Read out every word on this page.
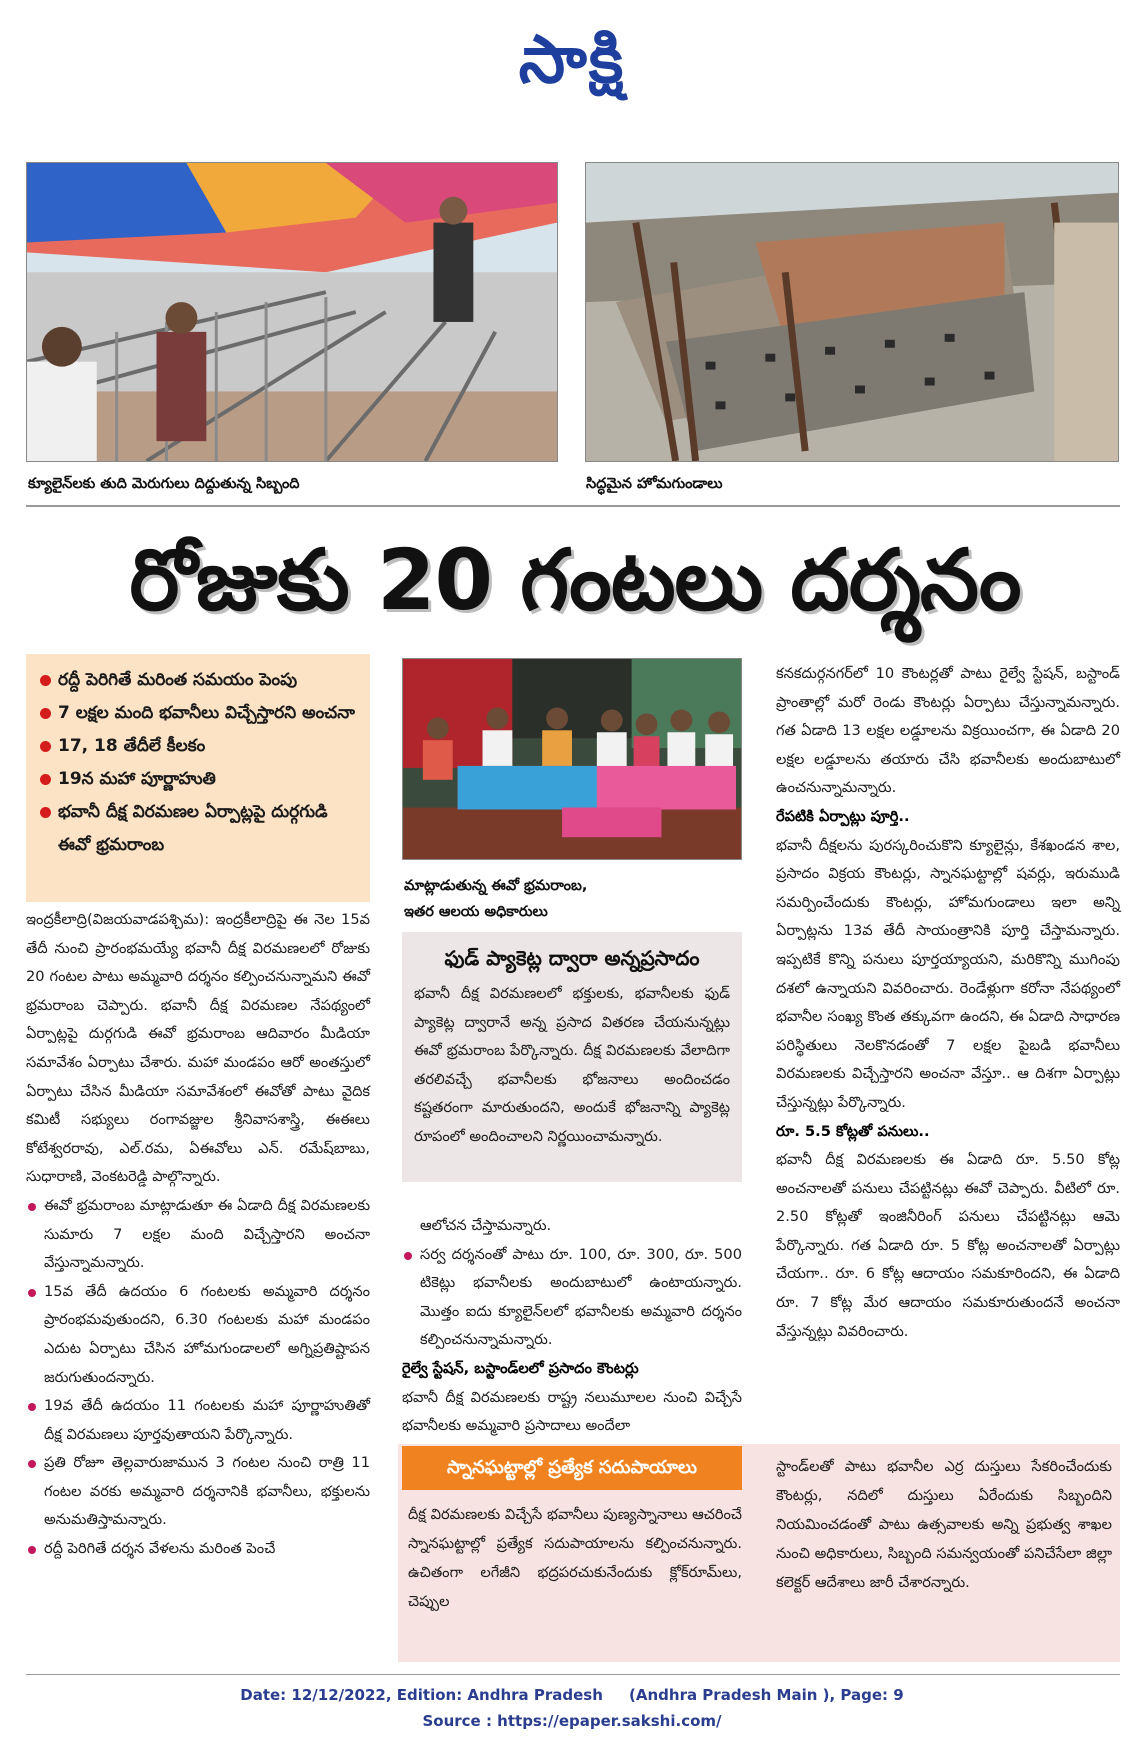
సాక్షి
క్యూలైన్‌లకు తుది మెరుగులు దిద్దుతున్న సిబ్బంది	సిద్ధమైన హోమగుండాలు
రోజుకు 20 గంటలు దర్శనం
రద్దీ పెరిగితే మరింత సమయం పెంపు
7 లక్షల మంది భవానీలు విచ్చేస్తారని అంచనా
17, 18 తేదీలే కీలకం
19న మహా పూర్ణాహుతి
భవానీ దీక్ష విరమణల ఏర్పాట్లపై దుర్గగుడి ఈవో భ్రమరాంబ

ఇంద్రకీలాద్రి(విజయవాడపశ్చిమ): ఇంద్రకీలాద్రిపై ఈ నెల 15వ తేదీ నుంచి ప్రారంభమయ్యే భవానీ దీక్ష విరమణలలో రోజుకు 20 గంటల పాటు అమ్మవారి దర్శనం కల్పించనున్నామని ఈవో భ్రమరాంబ చెప్పారు. భవానీ దీక్ష విరమణల నేపథ్యంలో ఏర్పాట్లపై దుర్గగుడి ఈవో భ్రమరాంబ ఆదివారం మీడియా సమావేశం ఏర్పాటు చేశారు. మహా మండపం ఆరో అంతస్తులో ఏర్పాటు చేసిన మీడియా సమావేశంలో ఈవోతో పాటు వైదిక కమిటీ సభ్యులు రంగావజ్జుల శ్రీనివాసశాస్త్రి, ఈఈలు కోటేశ్వరరావు, ఎల్‌.రమ, ఏఈవోలు ఎన్‌. రమేష్‌బాబు, సుధారాణి, వెంకటరెడ్డి పాల్గొన్నారు.

ఈవో భ్రమరాంబ మాట్లాడుతూ ఈ ఏడాది దీక్ష విరమణలకు సుమారు 7 లక్షల మంది విచ్చేస్తారని అంచనా వేస్తున్నామన్నారు.
15వ తేదీ ఉదయం 6 గంటలకు అమ్మవారి దర్శనం ప్రారంభమవుతుందని, 6.30 గంటలకు మహా మండపం ఎదుట ఏర్పాటు చేసిన హోమగుండాలలో అగ్నిప్రతిష్టాపన జరుగుతుందన్నారు.
19వ తేదీ ఉదయం 11 గంటలకు మహా పూర్ణాహుతితో దీక్ష విరమణలు పూర్తవుతాయని పేర్కొన్నారు.
ప్రతి రోజూ తెల్లవారుజామున 3 గంటల నుంచి రాత్రి 11 గంటల వరకు అమ్మవారి దర్శనానికి భవానీలు, భక్తులను అనుమతిస్తామన్నారు.
రద్దీ పెరిగితే దర్శన వేళలను మరింత పెంచే
మాట్లాడుతున్న ఈవో భ్రమరాంబ,
ఇతర ఆలయ అధికారులు
ఫుడ్‌ ప్యాకెట్ల ద్వారా అన్నప్రసాదం
భవానీ దీక్ష విరమణలలో భక్తులకు, భవానీలకు ఫుడ్‌ ప్యాకెట్ల ద్వారానే అన్న ప్రసాద వితరణ చేయనున్నట్లు ఈవో భ్రమరాంబ పేర్కొన్నారు. దీక్ష విరమణలకు వేలాదిగా తరలివచ్చే భవానీలకు భోజనాలు అందించడం కష్టతరంగా మారుతుందని, అందుకే భోజనాన్ని ప్యాకెట్ల రూపంలో అందించాలని నిర్ణయించామన్నారు.

ఆలోచన చేస్తామన్నారు.

సర్వ దర్శనంతో పాటు రూ. 100, రూ. 300, రూ. 500 టికెట్లు భవానీలకు అందుబాటులో ఉంటాయన్నారు. మొత్తం ఐదు క్యూలైన్‌లలో భవానీలకు అమ్మవారి దర్శనం కల్పించనున్నామన్నారు.

రైల్వే స్టేషన్, బస్టాండ్‌లలో ప్రసాదం కౌంటర్లు

భవానీ దీక్ష విరమణలకు రాష్ట్ర నలుమూలల నుంచి విచ్చేసే భవానీలకు అమ్మవారి ప్రసాదాలు అందేలా

కనకదుర్గనగర్‌లో 10 కౌంటర్లతో పాటు రైల్వే స్టేషన్, బస్టాండ్‌ ప్రాంతాల్లో మరో రెండు కౌంటర్లు ఏర్పాటు చేస్తున్నామన్నారు. గత ఏడాది 13 లక్షల లడ్డూలను విక్రయించగా, ఈ ఏడాది 20 లక్షల లడ్డూలను తయారు చేసి భవానీలకు అందుబాటులో ఉంచనున్నామన్నారు.

రేపటికి ఏర్పాట్లు పూర్తి..

భవానీ దీక్షలను పురస్కరించుకొని క్యూలైన్లు, కేశఖండన శాల, ప్రసాదం విక్రయ కౌంటర్లు, స్నానఘట్టాల్లో షవర్లు, ఇరుముడి సమర్పించేందుకు కౌంటర్లు, హోమగుండాలు ఇలా అన్ని ఏర్పాట్లను 13వ తేదీ సాయంత్రానికి పూర్తి చేస్తామన్నారు. ఇప్పటికే కొన్ని పనులు పూర్తయ్యాయని, మరికొన్ని ముగింపు దశలో ఉన్నాయని వివరించారు. రెండేళ్లుగా కరోనా నేపథ్యంలో భవానీల సంఖ్య కొంత తక్కువగా ఉందని, ఈ ఏడాది సాధారణ పరిస్థితులు నెలకొనడంతో 7 లక్షల పైబడి భవానీలు విరమణలకు విచ్చేస్తారని అంచనా వేస్తూ.. ఆ దిశగా ఏర్పాట్లు చేస్తున్నట్లు పేర్కొన్నారు.

రూ. 5.5 కోట్లతో పనులు..

భవానీ దీక్ష విరమణలకు ఈ ఏడాది రూ. 5.50 కోట్ల అంచనాలతో పనులు చేపట్టినట్లు ఈవో చెప్పారు. వీటిలో రూ. 2.50 కోట్లతో ఇంజినీరింగ్‌ పనులు చేపట్టినట్లు ఆమె పేర్కొన్నారు. గత ఏడాది రూ. 5 కోట్ల అంచనాలతో ఏర్పాట్లు చేయగా.. రూ. 6 కోట్ల ఆదాయం సమకూరిందని, ఈ ఏడాది రూ. 7 కోట్ల మేర ఆదాయం సమకూరుతుందనే అంచనా వేస్తున్నట్లు వివరించారు.

స్నానఘట్టాల్లో ప్రత్యేక సదుపాయాలు
దీక్ష విరమణలకు విచ్చేసే భవానీలు పుణ్యస్నానాలు ఆచరించే స్నానఘట్టాల్లో ప్రత్యేక సదుపాయాలను కల్పించనున్నారు. ఉచితంగా లగేజీని భద్రపరచుకునేందుకు క్లోక్‌రూమ్‌లు, చెప్పుల
స్టాండ్‌లతో పాటు భవానీల ఎర్ర దుస్తులు సేకరించేందుకు కౌంటర్లు, నదిలో దుస్తులు ఏరేందుకు సిబ్బందిని నియమించడంతో పాటు ఉత్సవాలకు అన్ని ప్రభుత్వ శాఖల నుంచి అధికారులు, సిబ్బంది సమన్వయంతో పనిచేసేలా జిల్లా కలెక్టర్‌ ఆదేశాలు జారీ చేశారన్నారు.
Date: 12/12/2022, Edition: Andhra Pradesh     (Andhra Pradesh Main ), Page: 9
Source : https://epaper.sakshi.com/
